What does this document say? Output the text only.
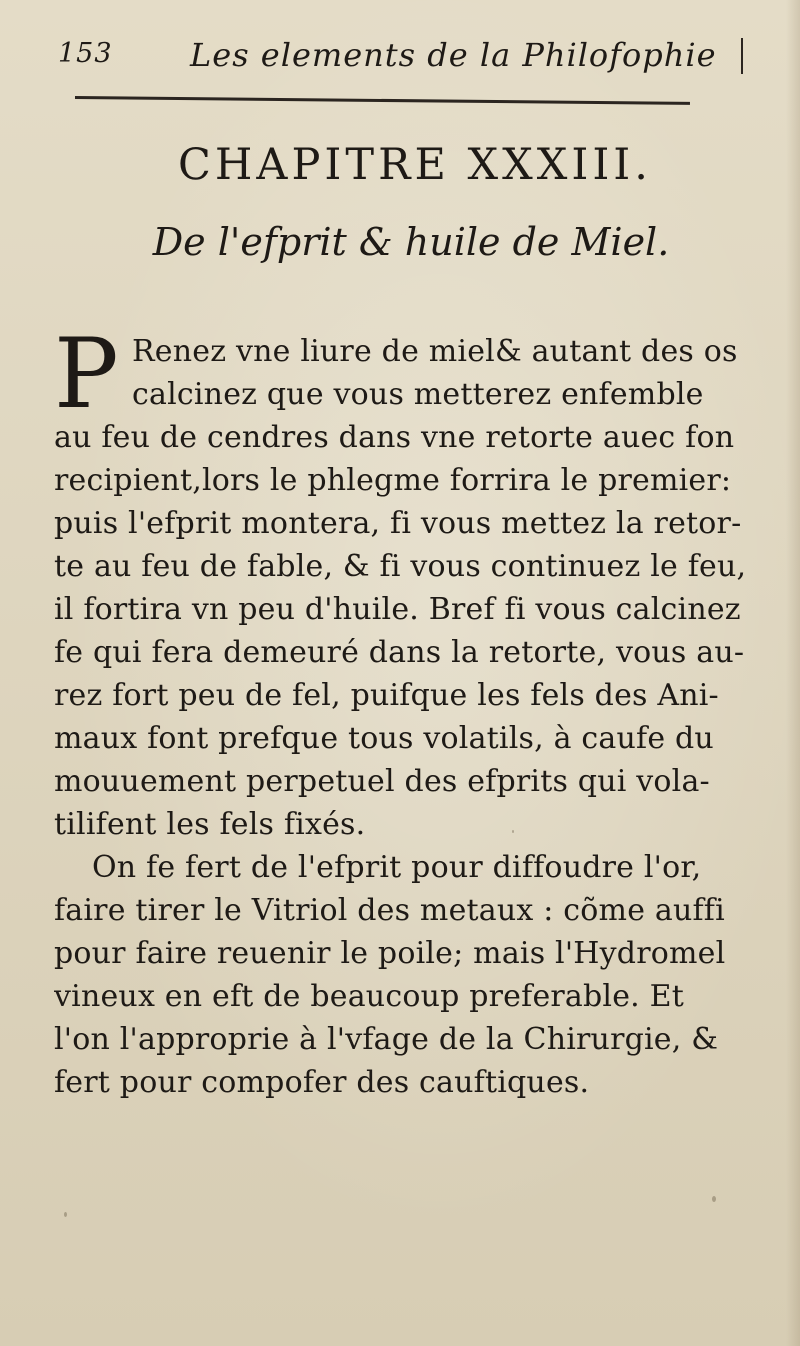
153 Les elements de la Philofophie
CHAPITRE XXXIII.
De l'efprit & huile de Miel.
P Renez vne liure de miel& autant des os
calcinez que vous metterez enfemble
au feu de cendres dans vne retorte auec fon
recipient,lors le phlegme forrira le premier:
puis l'efprit montera, fi vous mettez la retor-
te au feu de fable, & fi vous continuez le feu,
il fortira vn peu d'huile. Bref fi vous calcinez
fe qui fera demeuré dans la retorte, vous au-
rez fort peu de fel, puifque les fels des Ani-
maux font prefque tous volatils, à caufe du
mouuement perpetuel des efprits qui vola-
tilifent les fels fixés.
On fe fert de l'efprit pour diffoudre l'or,
faire tirer le Vitriol des metaux : cõme auffi
pour faire reuenir le poile; mais l'Hydromel
vineux en eft de beaucoup preferable. Et
l'on l'approprie à l'vfage de la Chirurgie, &
fert pour compofer des cauftiques.
